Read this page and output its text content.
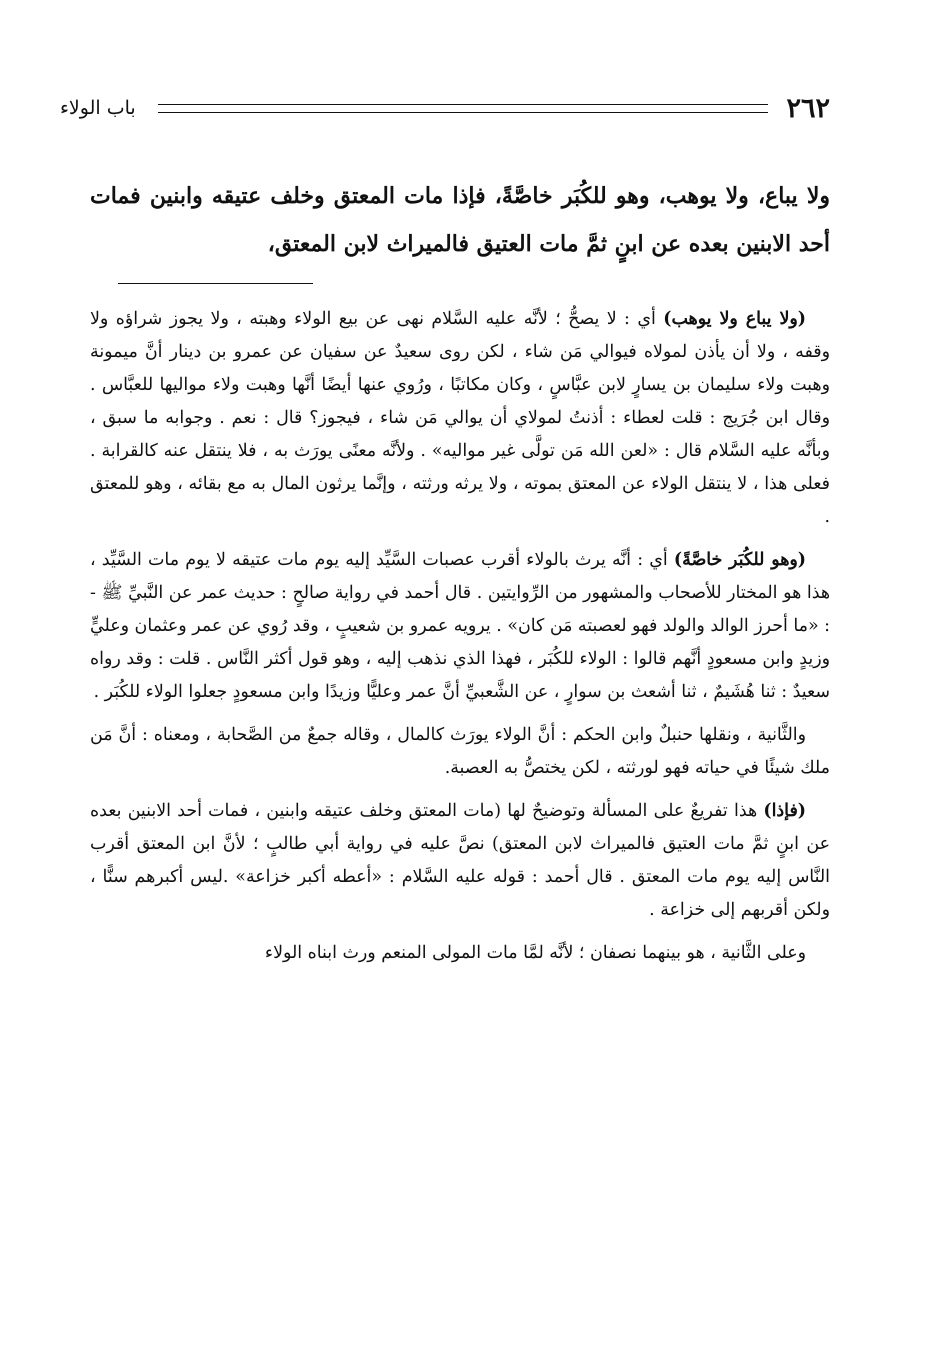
٢٦٢
باب الولاء
ولا يباع، ولا يوهب، وهو للكُبَر خاصَّةً، فإذا مات المعتق وخلف عتيقه وابنين فمات أحد الابنين بعده عن ابنٍ ثمَّ مات العتيق فالميراث لابن المعتق،

(ولا يباع ولا يوهب) أي : لا يصحُّ ؛ لأنَّه عليه السَّلام نهى عن بيع الولاء وهبته ، ولا يجوز شراؤه ولا وقفه ، ولا أن يأذن لمولاه فيوالي مَن شاء ، لكن روى سعيدٌ عن سفيان عن عمرو بن دينار أنَّ ميمونة وهبت ولاء سليمان بن يسارٍ لابن عبَّاسٍ ، وكان مكاتبًا ، ورُوي عنها أيضًا أنَّها وهبت ولاء مواليها للعبَّاس . وقال ابن جُرَيج : قلت لعطاء : أذنتُ لمولاي أن يوالي مَن شاء ، فيجوز؟ قال : نعم . وجوابه ما سبق ، وبأنَّه عليه السَّلام قال : «لعن الله مَن تولَّى غير مواليه» . ولأنَّه معنًى يورَث به ، فلا ينتقل عنه كالقرابة . فعلى هذا ، لا ينتقل الولاء عن المعتق بموته ، ولا يرثه ورثته ، وإنَّما يرثون المال به مع بقائه ، وهو للمعتق .

(وهو للكُبَر خاصَّةً) أي : أنَّه يرث بالولاء أقرب عصبات السَّيِّد إليه يوم مات عتيقه لا يوم مات السَّيِّد ، هذا هو المختار للأصحاب والمشهور من الرِّوايتين . قال أحمد في رواية صالحٍ : حديث عمر عن النَّبيِّ ﷺ - : «ما أحرز الوالد والولد فهو لعصبته مَن كان» . يرويه عمرو بن شعيبٍ ، وقد رُوي عن عمر وعثمان وعليٍّ وزيدٍ وابن مسعودٍ أنَّهم قالوا : الولاء للكُبَر ، فهذا الذي نذهب إليه ، وهو قول أكثر النَّاس . قلت : وقد رواه سعيدٌ : ثنا هُشَيمٌ ، ثنا أشعث بن سوارٍ ، عن الشَّعبيِّ أنَّ عمر وعليًّا وزيدًا وابن مسعودٍ جعلوا الولاء للكُبَر .

والثَّانية ، ونقلها حنبلٌ وابن الحكم : أنَّ الولاء يورَث كالمال ، وقاله جمعٌ من الصَّحابة ، ومعناه : أنَّ مَن ملك شيئًا في حياته فهو لورثته ، لكن يختصُّ به العصبة.

(فإذا) هذا تفريعٌ على المسألة وتوضيحٌ لها (مات المعتق وخلف عتيقه وابنين ، فمات أحد الابنين بعده عن ابنٍ ثمَّ مات العتيق فالميراث لابن المعتق) نصَّ عليه في رواية أبي طالبٍ ؛ لأنَّ ابن المعتق أقرب النَّاس إليه يوم مات المعتق . قال أحمد : قوله عليه السَّلام : «أعطه أكبر خزاعة» .ليس أكبرهم سنًّا ، ولكن أقربهم إلى خزاعة .

وعلى الثَّانية ، هو بينهما نصفان ؛ لأنَّه لمَّا مات المولى المنعم ورث ابناه الولاء
